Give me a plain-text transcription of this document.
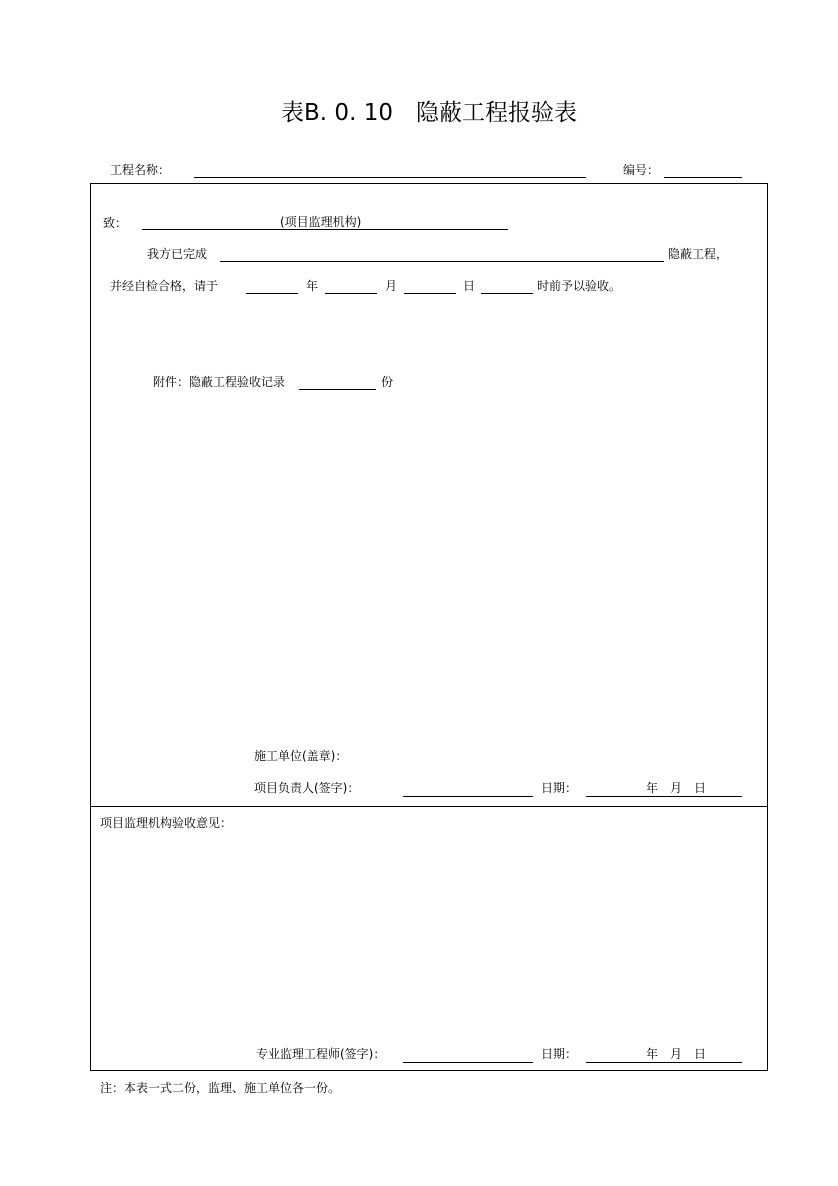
表B. 0. 10　隐蔽工程报验表
工程名称：	编号：
致：	(项目监理机构)
我方已完成	隐蔽工程，
并经自检合格，请于	年	月	日	时前予以验收。
附件：隐蔽工程验收记录	份
施工单位(盖章)：
项目负责人(签字)：	日期：	年　月　日
项目监理机构验收意见：
专业监理工程师(签字)：	日期：	年　月　日
注：本表一式二份，监理、施工单位各一份。
